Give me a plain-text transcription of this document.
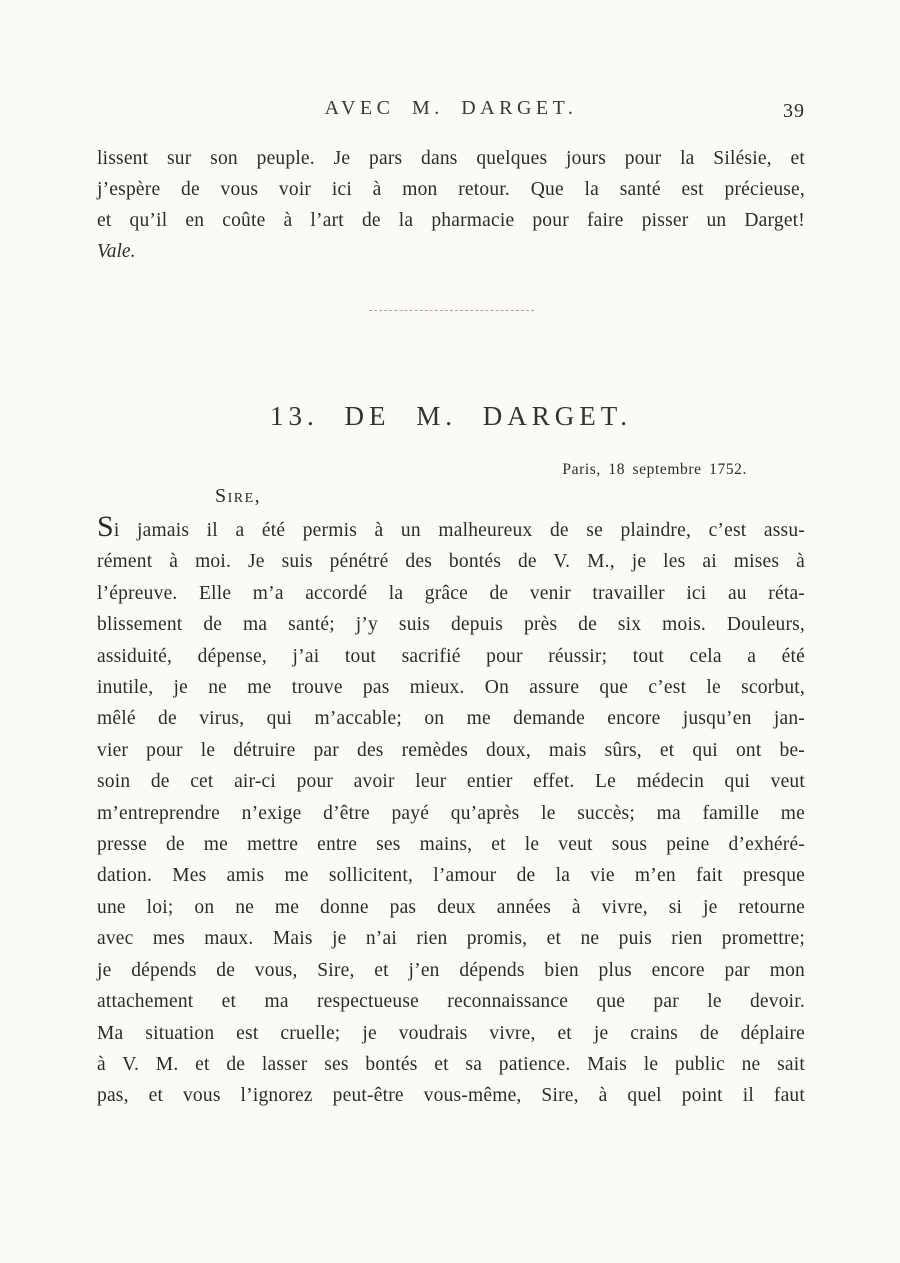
AVEC M. DARGET.	39
lissent sur son peuple. Je pars dans quelques jours pour la Silésie, et
j’espère de vous voir ici à mon retour. Que la santé est précieuse,
et qu’il en coûte à l’art de la pharmacie pour faire pisser un Darget!
Vale.
13. DE M. DARGET.
Paris, 18 septembre 1752.
Sire,
Si jamais il a été permis à un malheureux de se plaindre, c’est assu-
rément à moi. Je suis pénétré des bontés de V. M., je les ai mises à
l’épreuve. Elle m’a accordé la grâce de venir travailler ici au réta-
blissement de ma santé; j’y suis depuis près de six mois. Douleurs,
assiduité, dépense, j’ai tout sacrifié pour réussir; tout cela a été
inutile, je ne me trouve pas mieux. On assure que c’est le scorbut,
mêlé de virus, qui m’accable; on me demande encore jusqu’en jan-
vier pour le détruire par des remèdes doux, mais sûrs, et qui ont be-
soin de cet air-ci pour avoir leur entier effet. Le médecin qui veut
m’entreprendre n’exige d’être payé qu’après le succès; ma famille me
presse de me mettre entre ses mains, et le veut sous peine d’exhéré-
dation. Mes amis me sollicitent, l’amour de la vie m’en fait presque
une loi; on ne me donne pas deux années à vivre, si je retourne
avec mes maux. Mais je n’ai rien promis, et ne puis rien promettre;
je dépends de vous, Sire, et j’en dépends bien plus encore par mon
attachement et ma respectueuse reconnaissance que par le devoir.
Ma situation est cruelle; je voudrais vivre, et je crains de déplaire
à V. M. et de lasser ses bontés et sa patience. Mais le public ne sait
pas, et vous l’ignorez peut-être vous-même, Sire, à quel point il faut
